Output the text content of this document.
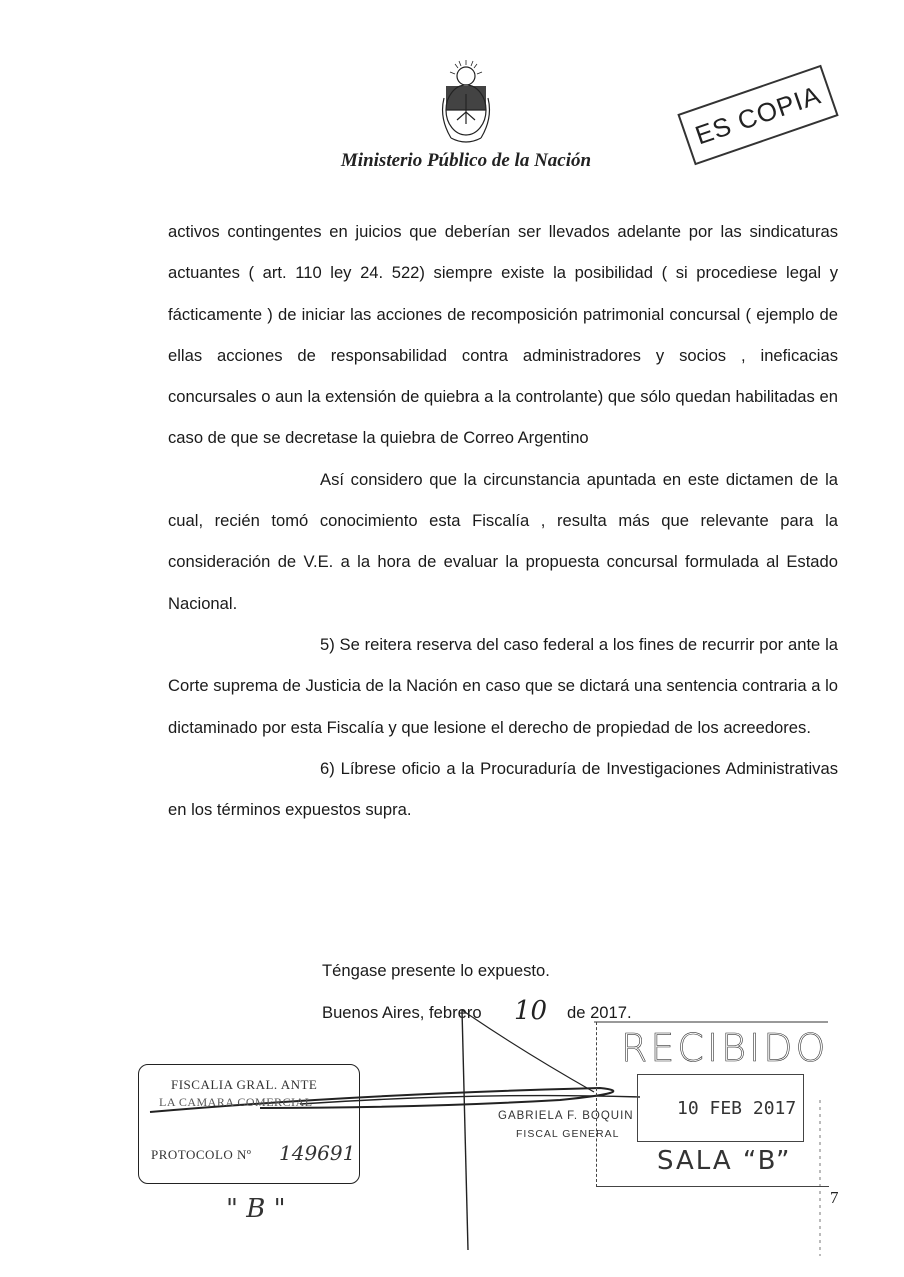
Ministerio Público de la Nación
ES COPIA

activos contingentes en juicios que deberían ser llevados adelante por las sindicaturas actuantes ( art. 110 ley 24. 522) siempre existe la posibilidad ( si procediese legal y fácticamente ) de iniciar las acciones de recomposición patrimonial concursal ( ejemplo de ellas acciones de responsabilidad contra administradores y socios , ineficacias concursales o aun la extensión de quiebra a la controlante) que sólo quedan habilitadas en caso de que se decretase la quiebra de Correo Argentino

Así considero que la circunstancia apuntada en este dictamen de la cual, recién tomó conocimiento esta Fiscalía , resulta más que relevante para la consideración de V.E. a la hora de evaluar la propuesta concursal formulada al Estado Nacional.

5) Se reitera reserva del caso federal a los fines de recurrir por ante la Corte suprema de Justicia de la Nación en caso que se dictará una sentencia contraria a lo dictaminado por esta Fiscalía y que lesione el derecho de propiedad de los acreedores.

6) Líbrese oficio a la Procuraduría de Investigaciones Administrativas en los términos expuestos supra.

Téngase presente lo expuesto.
Buenos Aires, febrero 10 de 2017.
FISCALIA GRAL. ANTE
LA CAMARA COMERCIAL
PROTOCOLO Nº 149691
" B "
GABRIELA F. BOQUIN
FISCAL GENERAL
RECIBIDO
10 FEB 2017
SALA “B”
7
